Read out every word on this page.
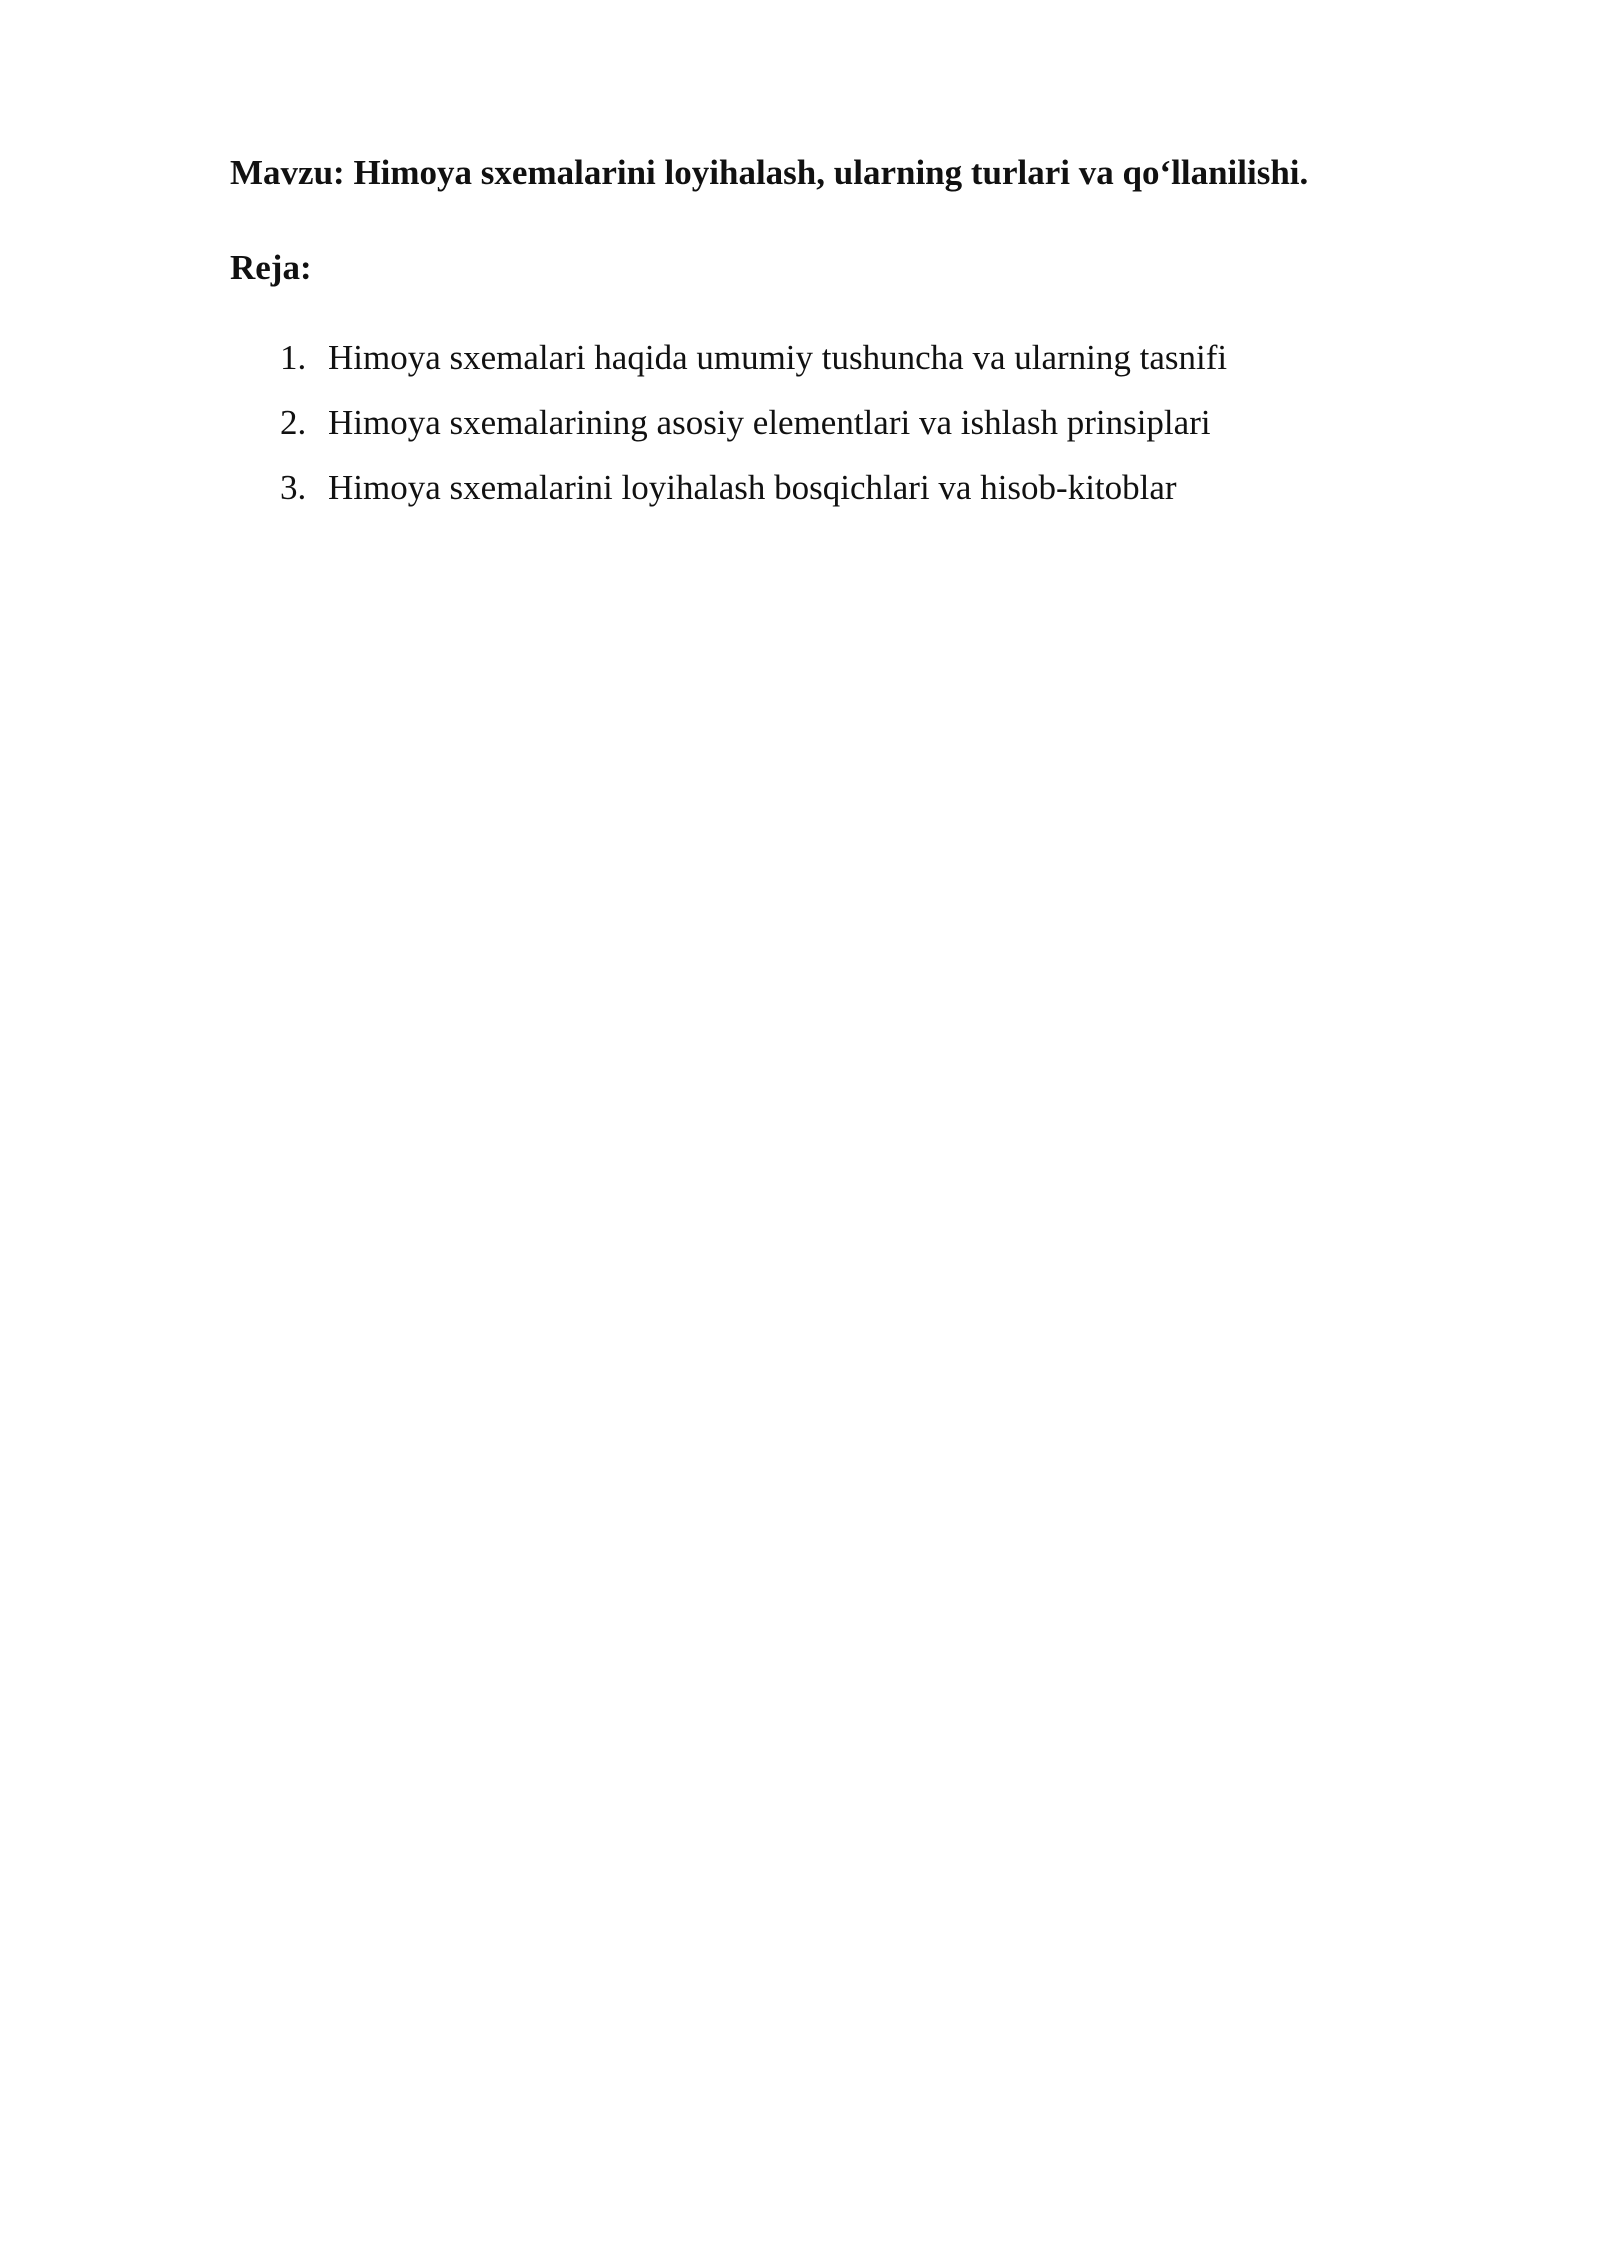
Mavzu: Himoya sxemalarini loyihalash, ularning turlari va qo‘llanilishi.
Reja:
1. Himoya sxemalari haqida umumiy tushuncha va ularning tasnifi
2. Himoya sxemalarining asosiy elementlari va ishlash prinsiplari
3. Himoya sxemalarini loyihalash bosqichlari va hisob-kitoblar
